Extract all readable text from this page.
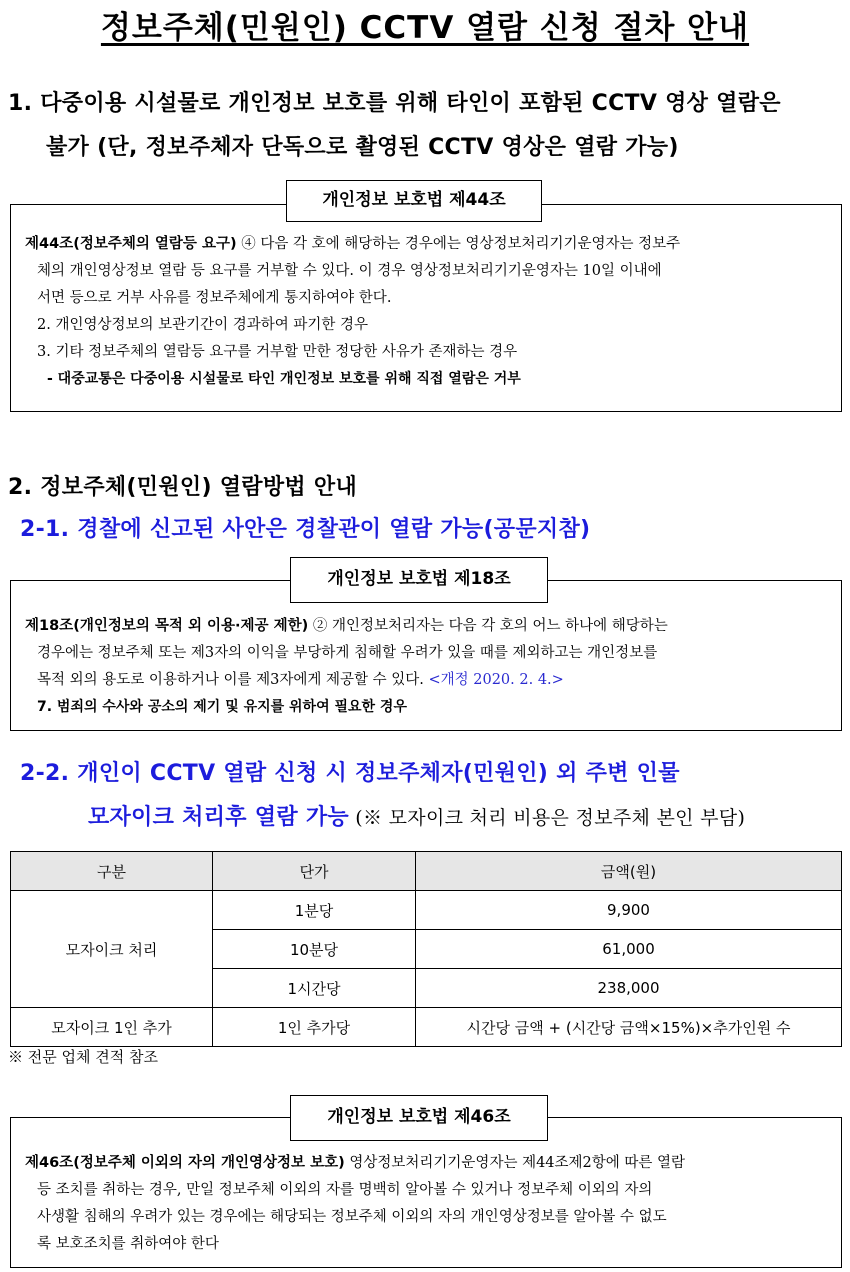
정보주체(민원인) CCTV 열람 신청 절차 안내
1. 다중이용 시설물로 개인정보 보호를 위해 타인이 포함된 CCTV 영상 열람은
불가 (단, 정보주체자 단독으로 촬영된 CCTV 영상은 열람 가능)

제44조(정보주체의 열람등 요구) ④ 다음 각 호에 해당하는 경우에는 영상정보처리기기운영자는 정보주

체의 개인영상정보 열람 등 요구를 거부할 수 있다. 이 경우 영상정보처리기기운영자는 10일 이내에

서면 등으로 거부 사유를 정보주체에게 통지하여야 한다.

2. 개인영상정보의 보관기간이 경과하여 파기한 경우

3. 기타 정보주체의 열람등 요구를 거부할 만한 정당한 사유가 존재하는 경우

- 대중교통은 다중이용 시설물로 타인 개인정보 보호를 위해 직접 열람은 거부

개인정보 보호법 제44조
2. 정보주체(민원인) 열람방법 안내
2-1. 경찰에 신고된 사안은 경찰관이 열람 가능(공문지참)

제18조(개인정보의 목적 외 이용·제공 제한) ② 개인정보처리자는 다음 각 호의 어느 하나에 해당하는

경우에는 정보주체 또는 제3자의 이익을 부당하게 침해할 우려가 있을 때를 제외하고는 개인정보를

목적 외의 용도로 이용하거나 이를 제3자에게 제공할 수 있다. <개정 2020. 2. 4.>

7. 범죄의 수사와 공소의 제기 및 유지를 위하여 필요한 경우

개인정보 보호법 제18조
2-2. 개인이 CCTV 열람 신청 시 정보주체자(민원인) 외 주변 인물
모자이크 처리후 열람 가능 (※ 모자이크 처리 비용은 정보주체 본인 부담)
구분	단가	금액(원)
모자이크 처리	1분당	9,900
	10분당	61,000
	1시간당	238,000
모자이크 1인 추가	1인 추가당	시간당 금액 + (시간당 금액×15%)×추가인원 수
※ 전문 업체 견적 참조

제46조(정보주체 이외의 자의 개인영상정보 보호) 영상정보처리기기운영자는 제44조제2항에 따른 열람

등 조치를 취하는 경우, 만일 정보주체 이외의 자를 명백히 알아볼 수 있거나 정보주체 이외의 자의

사생활 침해의 우려가 있는 경우에는 해당되는 정보주체 이외의 자의 개인영상정보를 알아볼 수 없도

록 보호조치를 취하여야 한다

개인정보 보호법 제46조
